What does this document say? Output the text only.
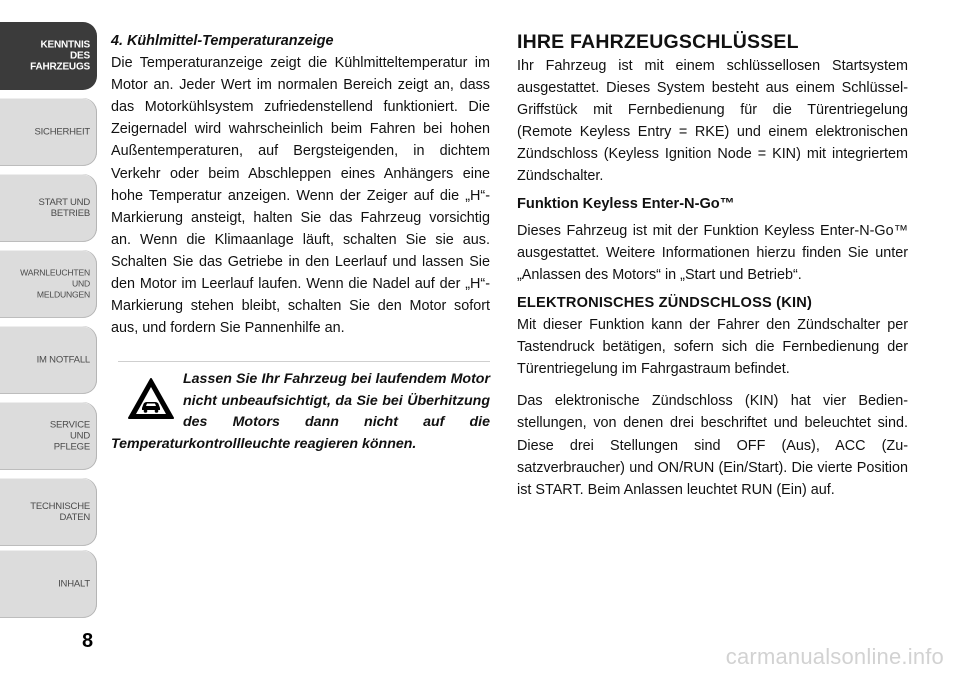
KENNTNIS
DES
FAHRZEUGS
SICHERHEIT
START UND
BETRIEB
WARNLEUCHTEN
UND
MELDUNGEN
IM NOTFALL
SERVICE
UND
PFLEGE
TECHNISCHE
DATEN
INHALT
8

4. Kühlmittel-Temperaturanzeige

Die Temperaturanzeige zeigt die Kühlmitteltemperatur im Motor an. Jeder Wert im normalen Bereich zeigt an, dass das Motorkühlsystem zufriedenstellend funktioniert. Die Zeigernadel wird wahrscheinlich beim Fahren bei hohen Außentemperaturen, auf Bergsteigenden, in dichtem Verkehr oder beim Abschleppen eines Anhängers eine hohe Temperatur anzeigen. Wenn der Zeiger auf die „H“-Markierung ansteigt, halten Sie das Fahrzeug vorsichtig an. Wenn die Klimaanlage läuft, schalten Sie sie aus. Schalten Sie das Getriebe in den Leerlauf und lassen Sie den Motor im Leerlauf laufen. Wenn die Nadel auf der „H“-Markierung stehen bleibt, schalten Sie den Motor sofort aus, und fordern Sie Pannenhilfe an.

Lassen Sie Ihr Fahrzeug bei laufendem Motor nicht unbeaufsichtigt, da Sie bei Überhitzung des Motors dann nicht auf die Temperaturkontrollleuchte reagieren können.

IHRE FAHRZEUGSCHLÜSSEL

Ihr Fahrzeug ist mit einem schlüssellosen Startsystem ausgestattet. Dieses System besteht aus einem Schlüssel-Griffstück mit Fernbedienung für die Türentriegelung (Remote Keyless Entry = RKE) und einem elektronischen Zündschloss (Keyless Ignition Node = KIN) mit integriertem Zündschalter.

Funktion Keyless Enter-N-Go™

Dieses Fahrzeug ist mit der Funktion Keyless Enter-N-Go™ ausgestattet. Weitere Informationen hierzu finden Sie unter „Anlassen des Motors“ in „Start und Betrieb“.

ELEKTRONISCHES ZÜNDSCHLOSS (KIN)

Mit dieser Funktion kann der Fahrer den Zündschalter per Tastendruck betätigen, sofern sich die Fernbedienung der Türentriegelung im Fahrgastraum befindet.

Das elektronische Zündschloss (KIN) hat vier Bedienstellungen, von denen drei beschriftet und beleuchtet sind. Diese drei Stellungen sind OFF (Aus), ACC (Zusatzverbraucher) und ON/RUN (Ein/Start). Die vierte Position ist START. Beim Anlassen leuchtet RUN (Ein) auf.

carmanualsonline.info
